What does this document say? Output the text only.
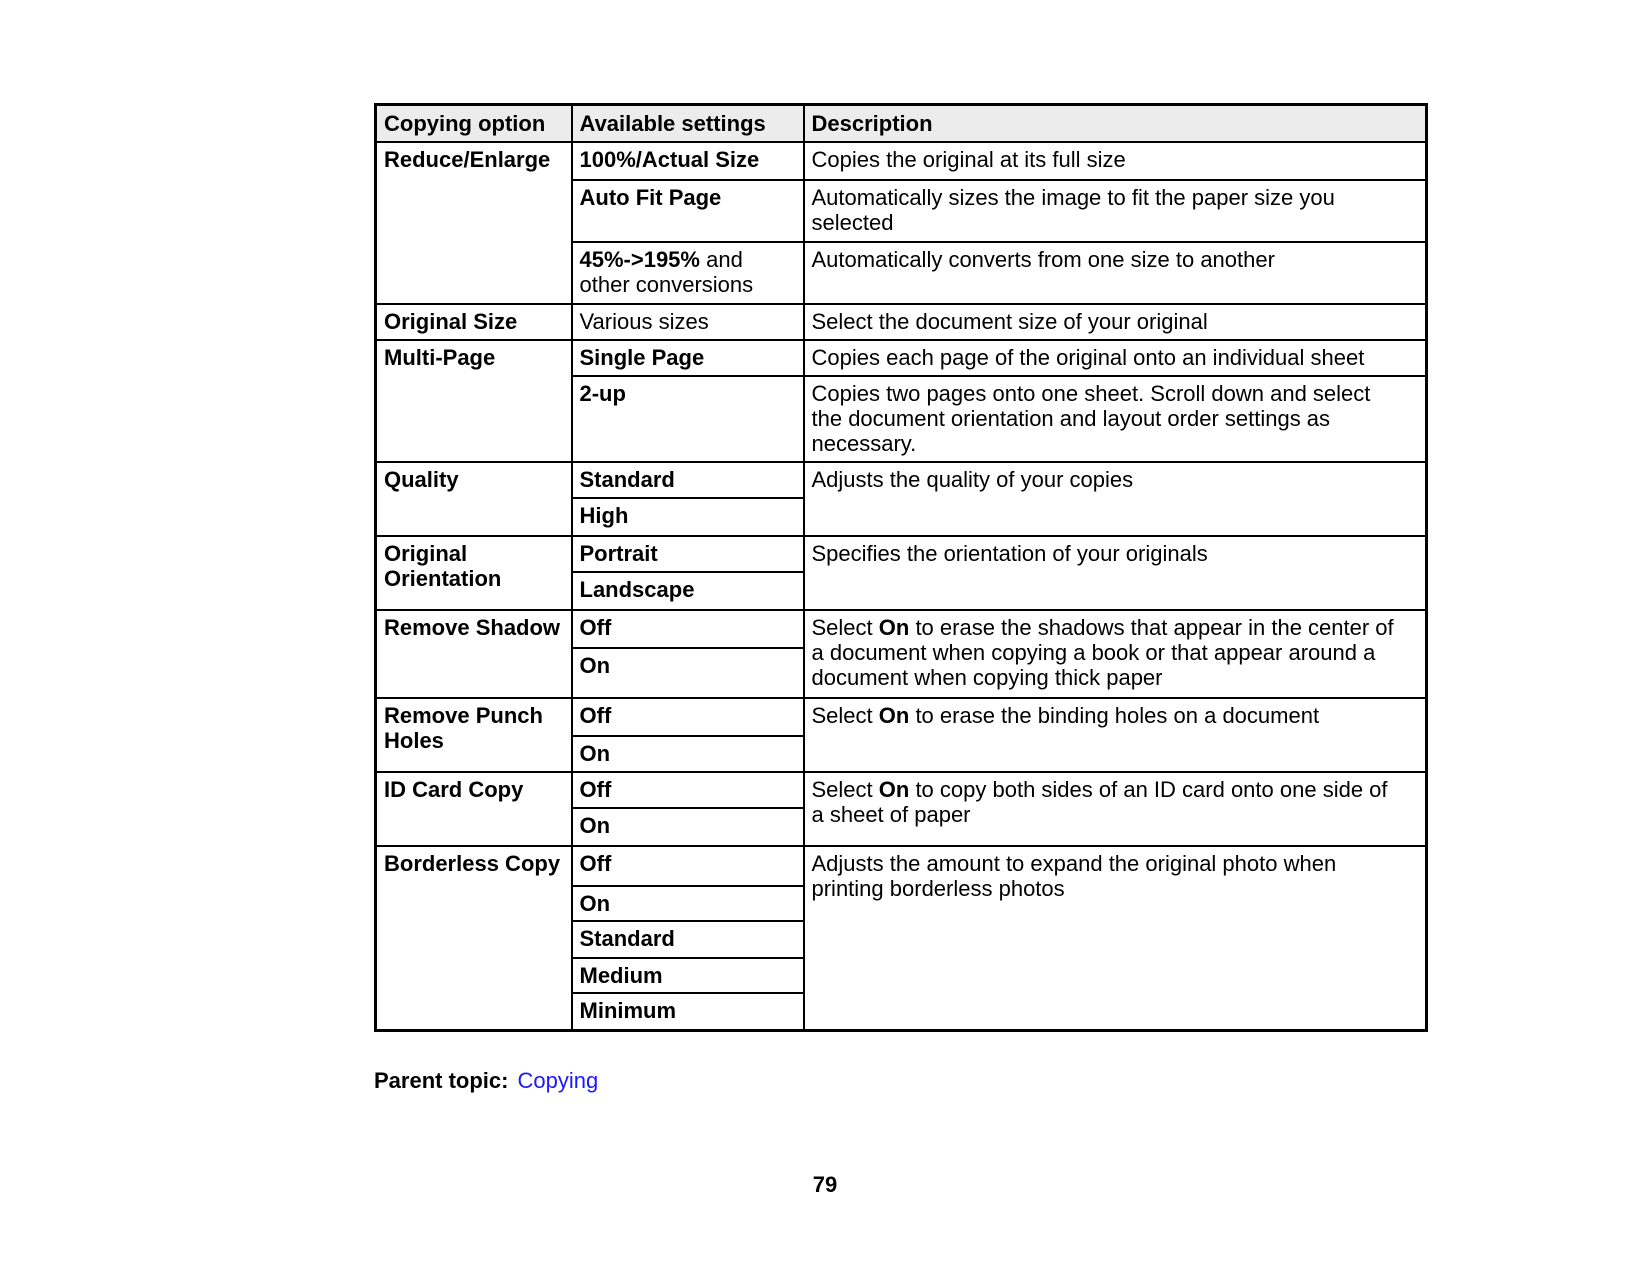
Copying option	Available settings	Description
Reduce/Enlarge	100%/Actual Size	Copies the original at its full size
	Auto Fit Page	Automatically sizes the image to fit the paper size you selected
	45%->195% and other conversions	Automatically converts from one size to another
Original Size	Various sizes	Select the document size of your original
Multi-Page	Single Page	Copies each page of the original onto an individual sheet
	2-up	Copies two pages onto one sheet. Scroll down and select the document orientation and layout order settings as necessary.
Quality	Standard	Adjusts the quality of your copies
	High	
Original Orientation	Portrait	Specifies the orientation of your originals
	Landscape	
Remove Shadow	Off	Select On to erase the shadows that appear in the center of a document when copying a book or that appear around a document when copying thick paper
	On	
Remove Punch Holes	Off	Select On to erase the binding holes on a document
	On	
ID Card Copy	Off	Select On to copy both sides of an ID card onto one side of a sheet of paper
	On	
Borderless Copy	Off	Adjusts the amount to expand the original photo when printing borderless photos
	On	
	Standard	
	Medium	
	Minimum	
Parent topic: Copying
79
